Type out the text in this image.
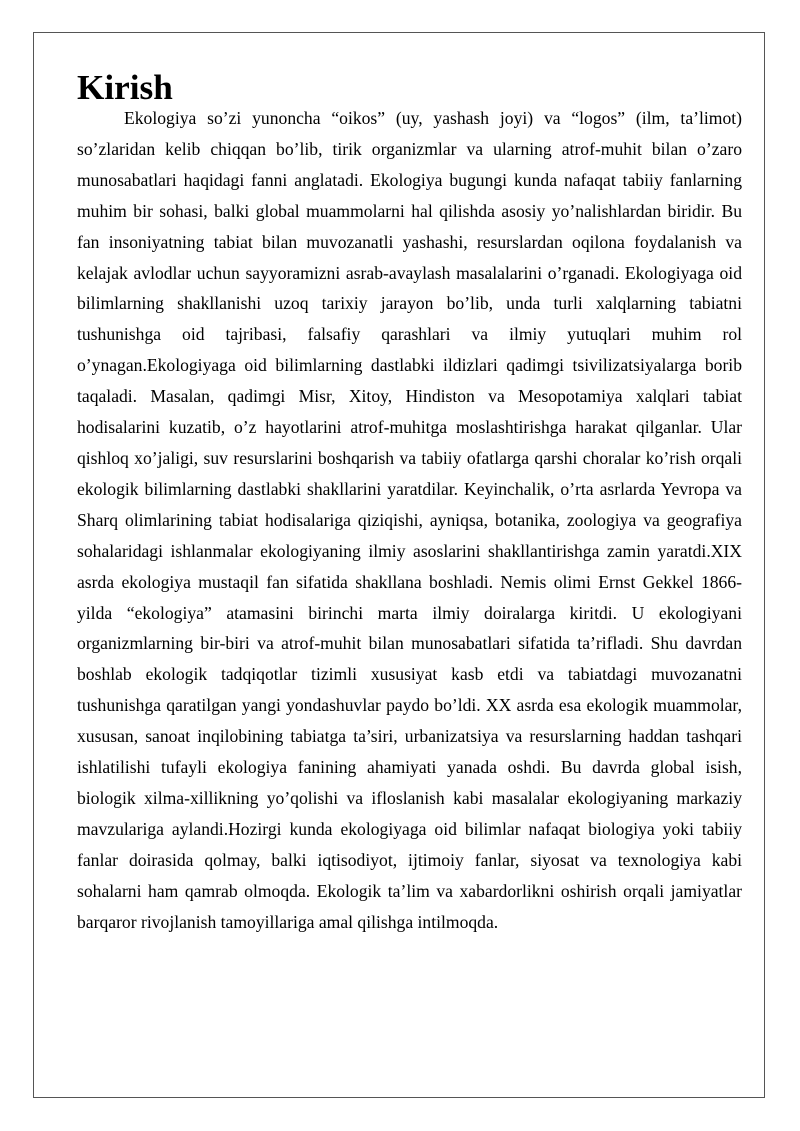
Kirish

Ekologiya so’zi yunoncha “oikos” (uy, yashash joyi) va “logos” (ilm, ta’limot) so’zlaridan kelib chiqqan bo’lib, tirik organizmlar va ularning atrof-muhit bilan o’zaro munosabatlari haqidagi fanni anglatadi. Ekologiya bugungi kunda nafaqat tabiiy fanlarning muhim bir sohasi, balki global muammolarni hal qilishda asosiy yo’nalishlardan biridir. Bu fan insoniyatning tabiat bilan muvozanatli yashashi, resurslardan oqilona foydalanish va kelajak avlodlar uchun sayyoramizni asrab-avaylash masalalarini o’rganadi. Ekologiyaga oid bilimlarning shakllanishi uzoq tarixiy jarayon bo’lib, unda turli xalqlarning tabiatni tushunishga oid tajribasi, falsafiy qarashlari va ilmiy yutuqlari muhim rol o’ynagan.Ekologiyaga oid bilimlarning dastlabki ildizlari qadimgi tsivilizatsiyalarga borib taqaladi. Masalan, qadimgi Misr, Xitoy, Hindiston va Mesopotamiya xalqlari tabiat hodisalarini kuzatib, o’z hayotlarini atrof-muhitga moslashtirishga harakat qilganlar. Ular qishloq xo’jaligi, suv resurslarini boshqarish va tabiiy ofatlarga qarshi choralar ko’rish orqali ekologik bilimlarning dastlabki shakllarini yaratdilar. Keyinchalik, o’rta asrlarda Yevropa va Sharq olimlarining tabiat hodisalariga qiziqishi, ayniqsa, botanika, zoologiya va geografiya sohalaridagi ishlanmalar ekologiyaning ilmiy asoslarini shakllantirishga zamin yaratdi.XIX asrda ekologiya mustaqil fan sifatida shakllana boshladi. Nemis olimi Ernst Gekkel 1866-yilda “ekologiya” atamasini birinchi marta ilmiy doiralarga kiritdi. U ekologiyani organizmlarning bir-biri va atrof-muhit bilan munosabatlari sifatida ta’rifladi. Shu davrdan boshlab ekologik tadqiqotlar tizimli xususiyat kasb etdi va tabiatdagi muvozanatni tushunishga qaratilgan yangi yondashuvlar paydo bo’ldi. XX asrda esa ekologik muammolar, xususan, sanoat inqilobining tabiatga ta’siri, urbanizatsiya va resurslarning haddan tashqari ishlatilishi tufayli ekologiya fanining ahamiyati yanada oshdi. Bu davrda global isish, biologik xilma-xillikning yo’qolishi va ifloslanish kabi masalalar ekologiyaning markaziy mavzulariga aylandi.Hozirgi kunda ekologiyaga oid bilimlar nafaqat biologiya yoki tabiiy fanlar doirasida qolmay, balki iqtisodiyot, ijtimoiy fanlar, siyosat va texnologiya kabi sohalarni ham qamrab olmoqda. Ekologik ta’lim va xabardorlikni oshirish orqali jamiyatlar barqaror rivojlanish tamoyillariga amal qilishga intilmoqda.
